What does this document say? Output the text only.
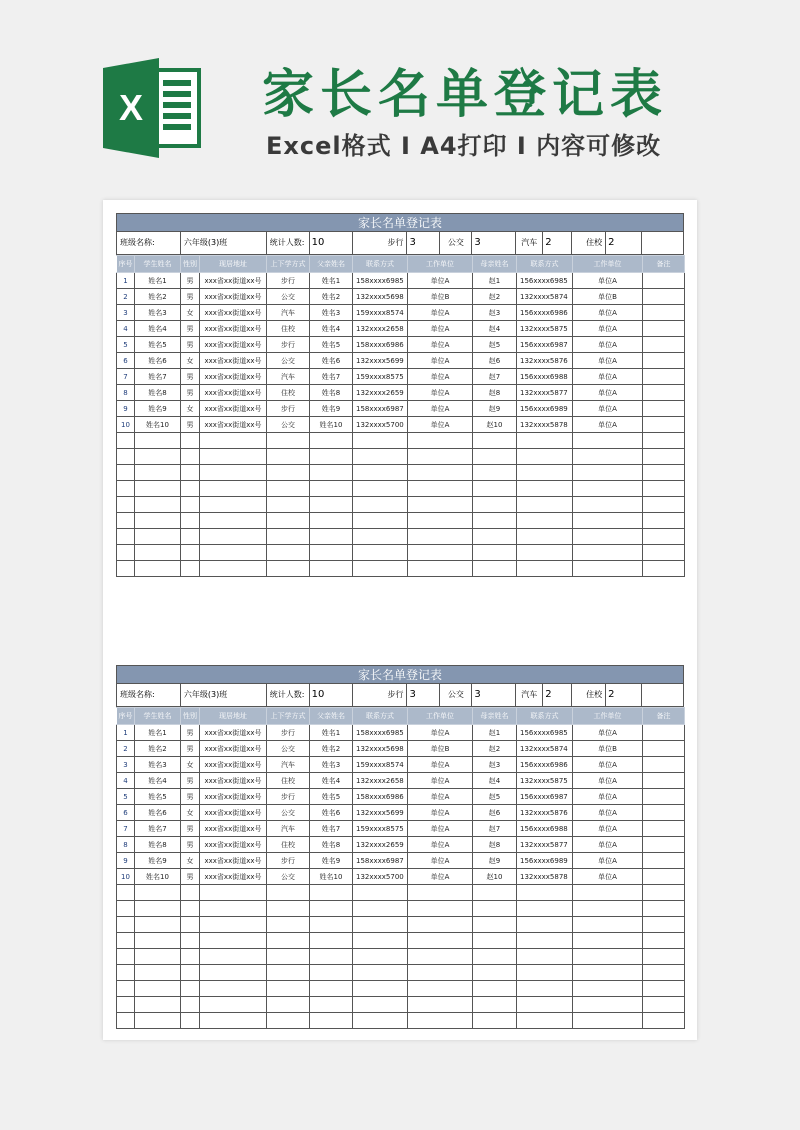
X 家长名单登记表
Excel格式 I A4打印 I 内容可修改
家长名单登记表
班级名称:	六年级(3)班	统计人数: 10	步行 3	公交	3	汽车 2	住校 2
序号	学生姓名	性别	现居地址	上下学方式	父亲姓名	联系方式	工作单位	母亲姓名	联系方式	工作单位	备注
1	姓名1	男	xxx省xx街道xx号	步行	姓名1	158xxxx6985	单位A	赵1	156xxxx6985	单位A	
2	姓名2	男	xxx省xx街道xx号	公交	姓名2	132xxxx5698	单位B	赵2	132xxxx5874	单位B	
3	姓名3	女	xxx省xx街道xx号	汽车	姓名3	159xxxx8574	单位A	赵3	156xxxx6986	单位A	
4	姓名4	男	xxx省xx街道xx号	住校	姓名4	132xxxx2658	单位A	赵4	132xxxx5875	单位A	
5	姓名5	男	xxx省xx街道xx号	步行	姓名5	158xxxx6986	单位A	赵5	156xxxx6987	单位A	
6	姓名6	女	xxx省xx街道xx号	公交	姓名6	132xxxx5699	单位A	赵6	132xxxx5876	单位A	
7	姓名7	男	xxx省xx街道xx号	汽车	姓名7	159xxxx8575	单位A	赵7	156xxxx6988	单位A	
8	姓名8	男	xxx省xx街道xx号	住校	姓名8	132xxxx2659	单位A	赵8	132xxxx5877	单位A	
9	姓名9	女	xxx省xx街道xx号	步行	姓名9	158xxxx6987	单位A	赵9	156xxxx6989	单位A	
10	姓名10	男	xxx省xx街道xx号	公交	姓名10	132xxxx5700	单位A	赵10	132xxxx5878	单位A	

家长名单登记表
班级名称:	六年级(3)班	统计人数: 10	步行 3	公交	3	汽车 2	住校 2
序号	学生姓名	性别	现居地址	上下学方式	父亲姓名	联系方式	工作单位	母亲姓名	联系方式	工作单位	备注
1	姓名1	男	xxx省xx街道xx号	步行	姓名1	158xxxx6985	单位A	赵1	156xxxx6985	单位A	
2	姓名2	男	xxx省xx街道xx号	公交	姓名2	132xxxx5698	单位B	赵2	132xxxx5874	单位B	
3	姓名3	女	xxx省xx街道xx号	汽车	姓名3	159xxxx8574	单位A	赵3	156xxxx6986	单位A	
4	姓名4	男	xxx省xx街道xx号	住校	姓名4	132xxxx2658	单位A	赵4	132xxxx5875	单位A	
5	姓名5	男	xxx省xx街道xx号	步行	姓名5	158xxxx6986	单位A	赵5	156xxxx6987	单位A	
6	姓名6	女	xxx省xx街道xx号	公交	姓名6	132xxxx5699	单位A	赵6	132xxxx5876	单位A	
7	姓名7	男	xxx省xx街道xx号	汽车	姓名7	159xxxx8575	单位A	赵7	156xxxx6988	单位A	
8	姓名8	男	xxx省xx街道xx号	住校	姓名8	132xxxx2659	单位A	赵8	132xxxx5877	单位A	
9	姓名9	女	xxx省xx街道xx号	步行	姓名9	158xxxx6987	单位A	赵9	156xxxx6989	单位A	
10	姓名10	男	xxx省xx街道xx号	公交	姓名10	132xxxx5700	单位A	赵10	132xxxx5878	单位A	
